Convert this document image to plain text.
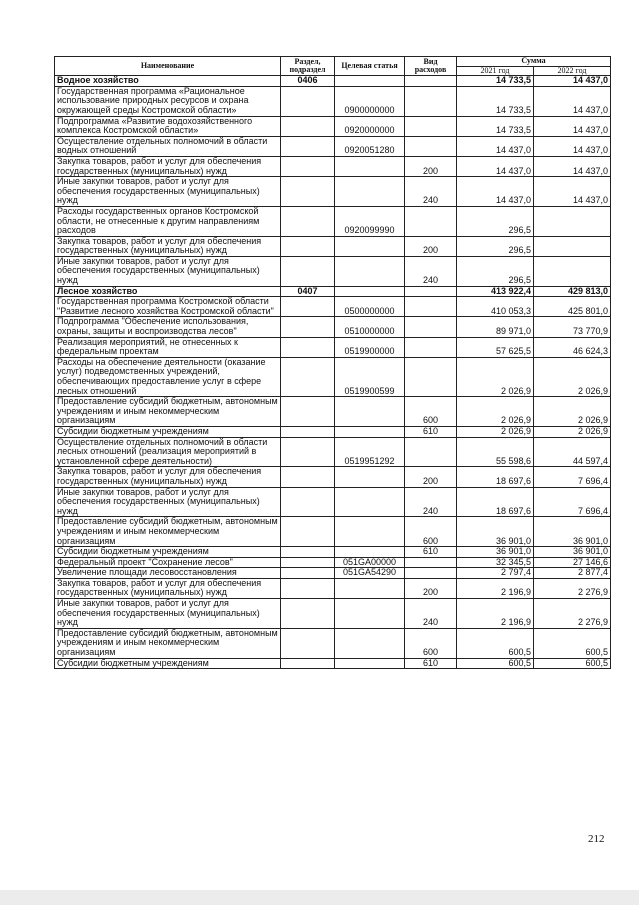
Наименование	Раздел, подраздел	Целевая статья	Вид расходов	Сумма	
				2021 год	2022 год
Водное хозяйство	0406			14 733,5	14 437,0
Государственная программа «Рациональное использование природных ресурсов и охрана окружающей среды Костромской области»		0900000000		14 733,5	14 437,0
Подпрограмма «Развитие водохозяйственного комплекса Костромской области»		0920000000		14 733,5	14 437,0
Осуществление отдельных полномочий в области водных отношений		0920051280		14 437,0	14 437,0
Закупка товаров, работ и услуг для обеспечения государственных (муниципальных) нужд			200	14 437,0	14 437,0
Иные закупки товаров, работ и услуг для обеспечения государственных (муниципальных) нужд			240	14 437,0	14 437,0
Расходы государственных органов Костромской области, не отнесенные к другим направлениям расходов		0920099990		296,5	
Закупка товаров, работ и услуг для обеспечения государственных (муниципальных) нужд			200	296,5	
Иные закупки товаров, работ и услуг для обеспечения государственных (муниципальных) нужд			240	296,5	
Лесное хозяйство	0407			413 922,4	429 813,0
Государственная программа Костромской области "Развитие лесного хозяйства Костромской области"		0500000000		410 053,3	425 801,0
Подпрограмма "Обеспечение использования, охраны, защиты и воспроизводства лесов"		0510000000		89 971,0	73 770,9
Реализация мероприятий, не отнесенных к федеральным проектам		0519900000		57 625,5	46 624,3
Расходы на обеспечение деятельности (оказание услуг) подведомственных учреждений, обеспечивающих предоставление услуг в сфере лесных отношений		0519900599		2 026,9	2 026,9
Предоставление субсидий бюджетным, автономным учреждениям и иным некоммерческим организациям			600	2 026,9	2 026,9
Субсидии бюджетным учреждениям			610	2 026,9	2 026,9
Осуществление отдельных полномочий в области лесных отношений (реализация мероприятий в установленной сфере деятельности)		0519951292		55 598,6	44 597,4
Закупка товаров, работ и услуг для обеспечения государственных (муниципальных) нужд			200	18 697,6	7 696,4
Иные закупки товаров, работ и услуг для обеспечения государственных (муниципальных) нужд			240	18 697,6	7 696,4
Предоставление субсидий бюджетным, автономным учреждениям и иным некоммерческим организациям			600	36 901,0	36 901,0
Субсидии бюджетным учреждениям			610	36 901,0	36 901,0
Федеральный проект "Сохранение лесов"		051GA00000		32 345,5	27 146,6
Увеличение площади лесовосстановления		051GA54290		2 797,4	2 877,4
Закупка товаров, работ и услуг для обеспечения государственных (муниципальных) нужд			200	2 196,9	2 276,9
Иные закупки товаров, работ и услуг для обеспечения государственных (муниципальных) нужд			240	2 196,9	2 276,9
Предоставление субсидий бюджетным, автономным учреждениям и иным некоммерческим организациям			600	600,5	600,5
Субсидии бюджетным учреждениям			610	600,5	600,5
212
